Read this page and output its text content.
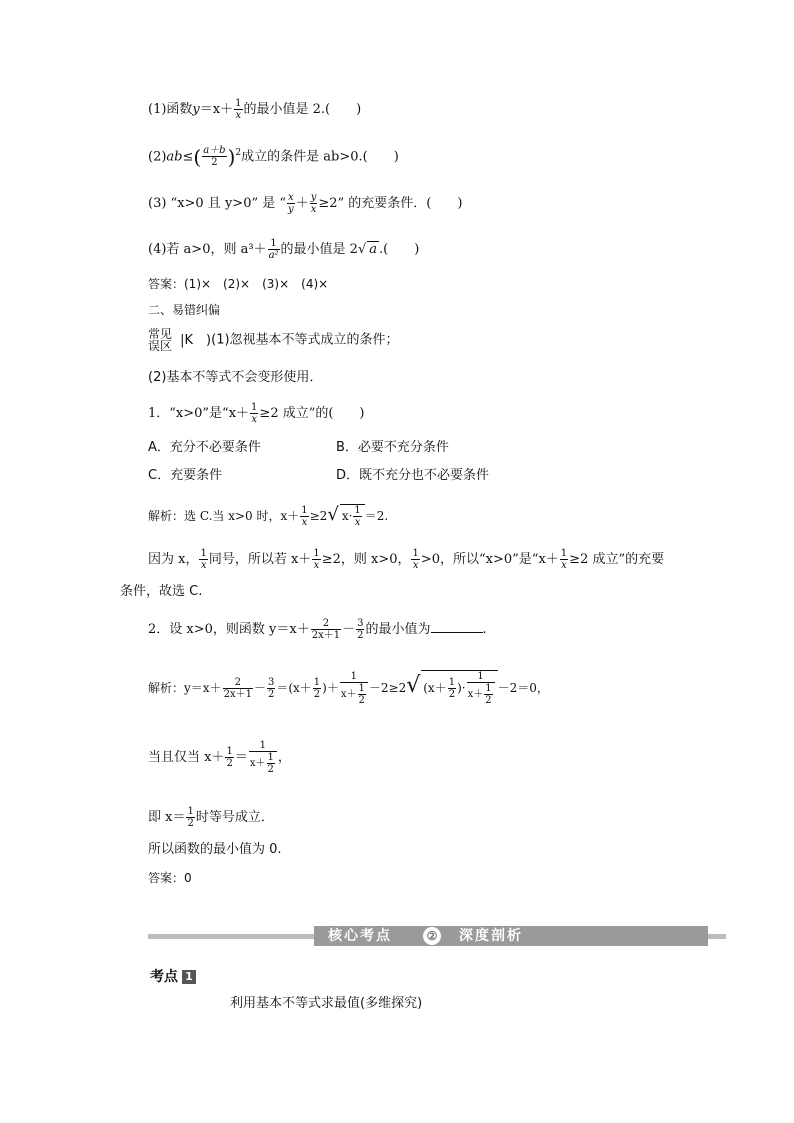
(1)函数$y=x+ \frac{1}{x}$ 的最小值是 2.(　　)
$(2)ab\le( \frac{a+b}{2} )^2$成立的条件是 ab>0.(　　)
(3) “x>0 且 y>0” 是 “ $\frac{x}{y} + \frac{y}{x} \ge 2$” 的充要条件．(　　)
(4)若 a>0，则 $a^3+ \frac{1}{\text{a²}}$ 的最小值是 2√ a .(　　)
答案：(1)×　(2)×　(3)×　(4)×
二、易错纠偏
常见
误区 |K　)(1)忽视基本不等式成立的条件；
(2)基本不等式不会变形使用．
1．“x>0”是“$x+ \frac{1}{x} \ge 2$ 成立”的(　　)
A．充分不必要条件	B．必要不充分条件
C．充要条件	D．既不充分也不必要条件
解析：选 C.当 x>0 时，$x+ \frac{1}{x} \ge 2√$ $x\cdot \frac{1}{x} =2$.
因为 x， $\frac{1}{x}$ 同号，所以若 $x+ \frac{1}{x} \ge 2$，则 x>0， $\frac{1}{x} >0$，所以“x>0”是“$x+ \frac{1}{x} \ge 2$ 成立”的充要
条件，故选 C.
2．设 x>0，则函数 $y=x+ \frac{2}{2x+1} - \frac{3}{2}$ 的最小值为	.
解析：$y=x+ \frac{2}{2x+1} - \frac{3}{2} =(x+ \frac{1}{2}$ )＋ $\frac{1}{x+ \frac{1}{2}} -2\ge 2√$ ($x+ \frac{1}{2}$ )· $\frac{1}{x+ \frac{1}{2}} -2=0$，
当且仅当 $x+ \frac{1}{2} = \frac{1}{x+ \frac{1}{2}}$ ，
即 $x= \frac{1}{2}$ 时等号成立．
所以函数的最小值为 0.
答案：0
核心考点	② 深度剖析
考点 1
利用基本不等式求最值(多维探究)
